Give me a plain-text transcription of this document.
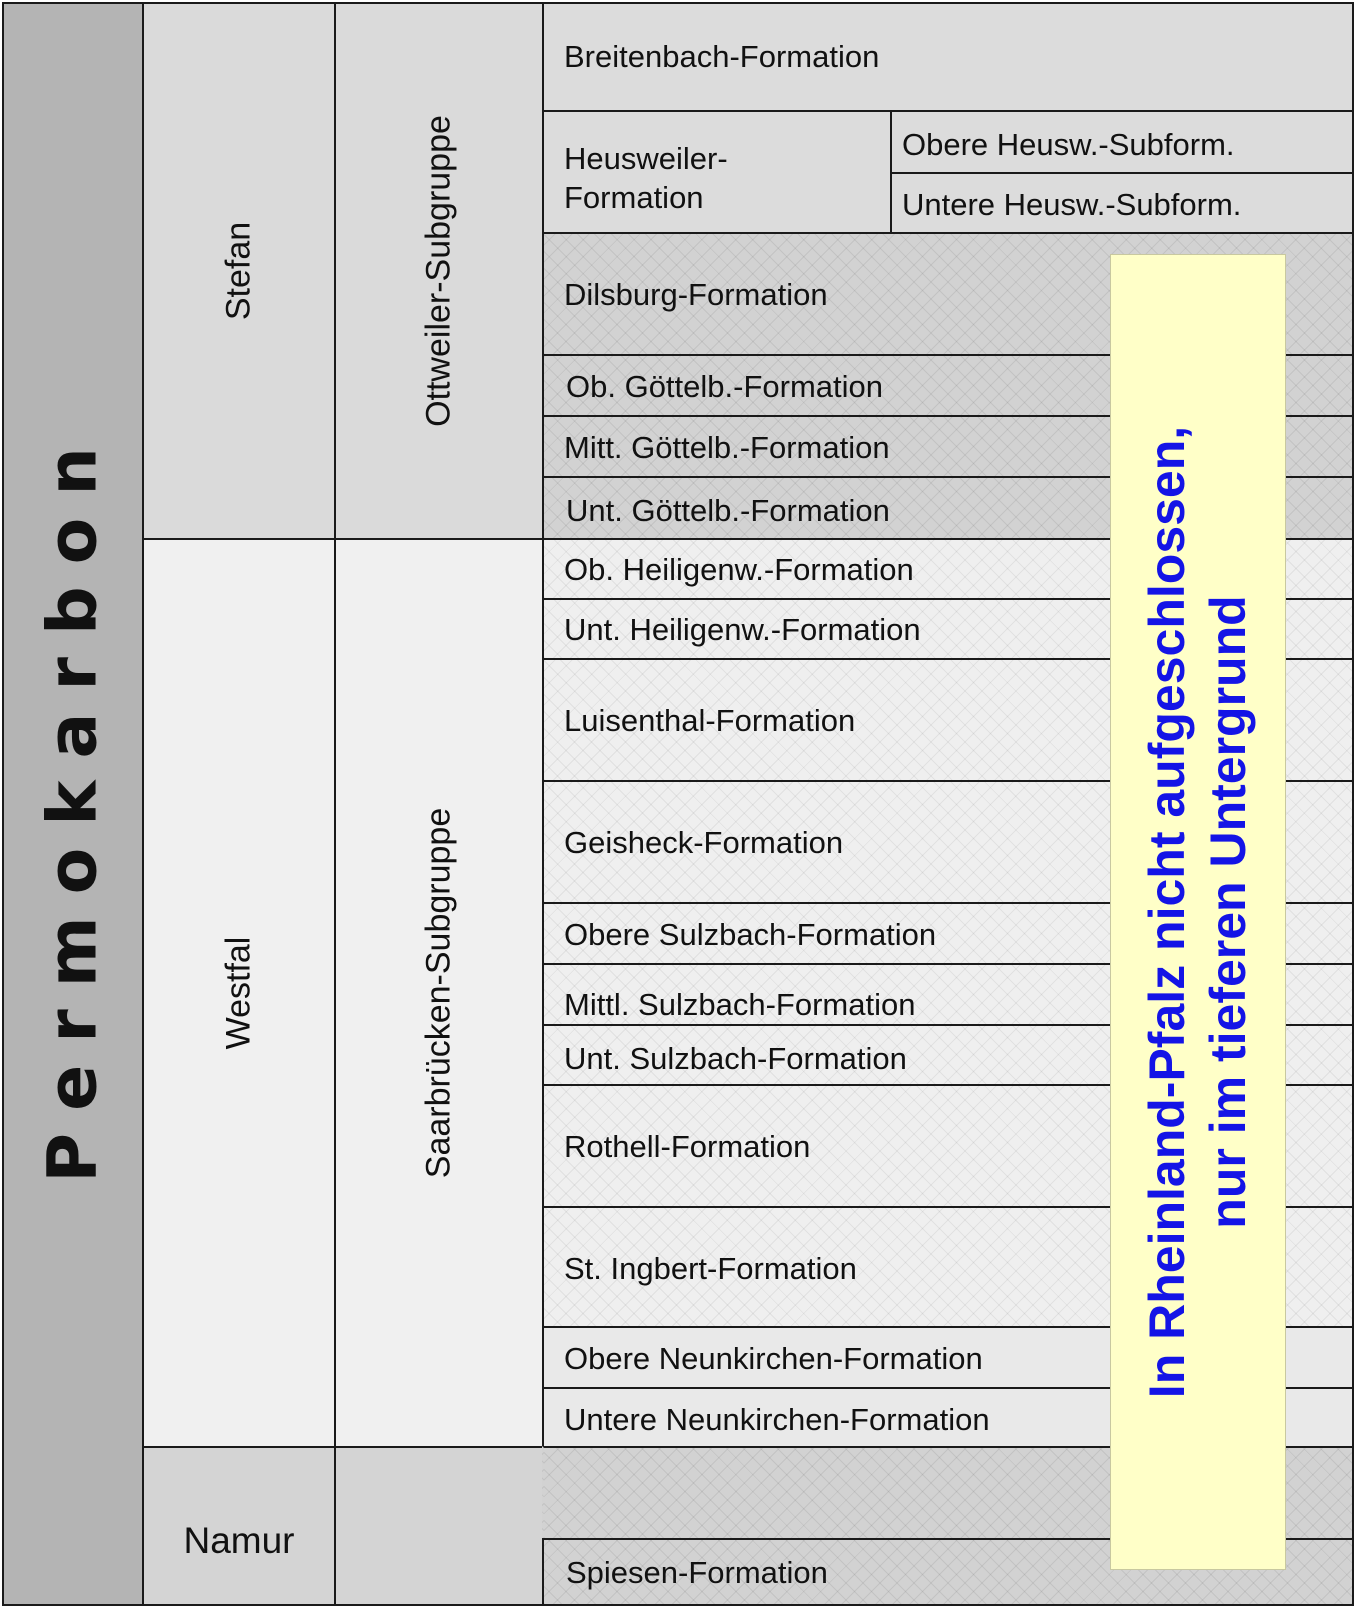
Permokarbon
Stefan
Westfal
Namur
Ottweiler-Subgruppe
Saarbrücken-Subgruppe
Breitenbach-Formation
Heusweiler-
Formation
Obere Heusw.-Subform.
Untere Heusw.-Subform.
Dilsburg-Formation
Ob. Göttelb.-Formation
Mitt. Göttelb.-Formation
Unt. Göttelb.-Formation
Ob. Heiligenw.-Formation
Unt. Heiligenw.-Formation
Luisenthal-Formation
Geisheck-Formation
Obere Sulzbach-Formation
Mittl. Sulzbach-Formation
Unt. Sulzbach-Formation
Rothell-Formation
St. Ingbert-Formation
Obere Neunkirchen-Formation
Untere Neunkirchen-Formation
Spiesen-Formation
In Rheinland-Pfalz nicht aufgeschlossen, nur im tieferen Untergrund
